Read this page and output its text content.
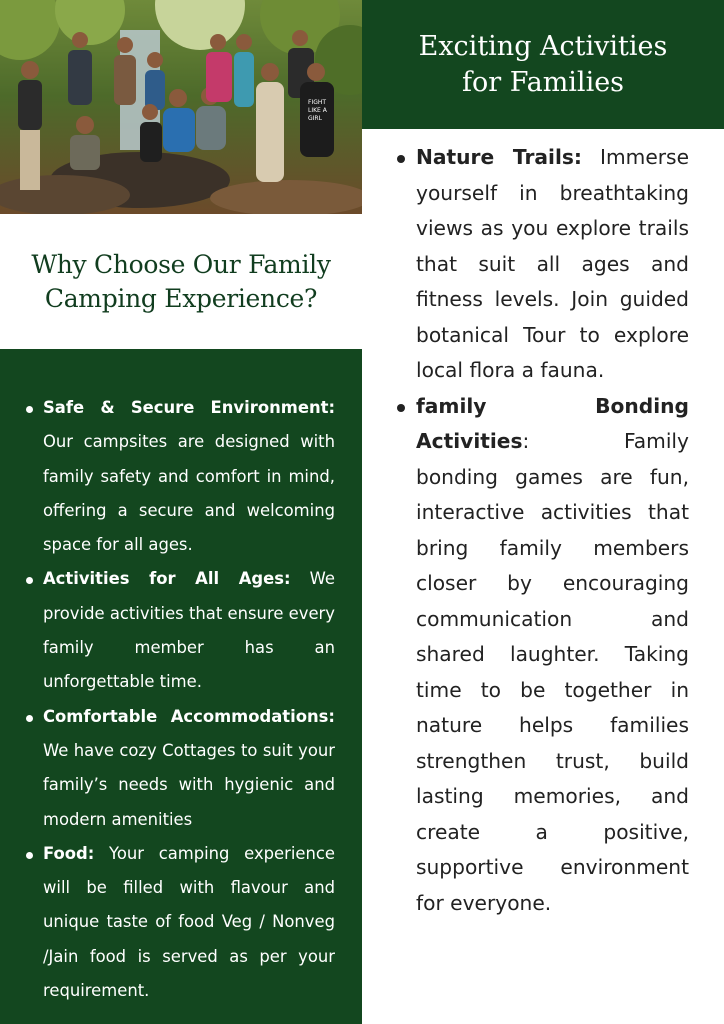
FIGHT
LIKE A
GIRL
Why Choose Our Family
Camping Experience?
Safe & Secure Environment: Our campsites are designed with family safety and comfort in mind, offering a secure and welcoming space for all ages.
Activities for All Ages: We provide activities that ensure every family member has an unforgettable time.
Comfortable Accommodations: We have cozy Cottages to suit your family’s needs with hygienic and modern amenities
Food: Your camping experience will be filled with flavour and unique taste of food Veg / Nonveg /Jain food is served as per your requirement.
Exciting Activities
for Families
Nature Trails: Immerse yourself in breathtaking views as you explore trails that suit all ages and fitness levels. Join guided botanical Tour to explore local flora a fauna.
family Bonding Activities: Family bonding games are fun, interactive activities that bring family members closer by encouraging communication and shared laughter. Taking time to be together in nature helps families strengthen trust, build lasting memories, and create a positive, supportive environment for everyone.
